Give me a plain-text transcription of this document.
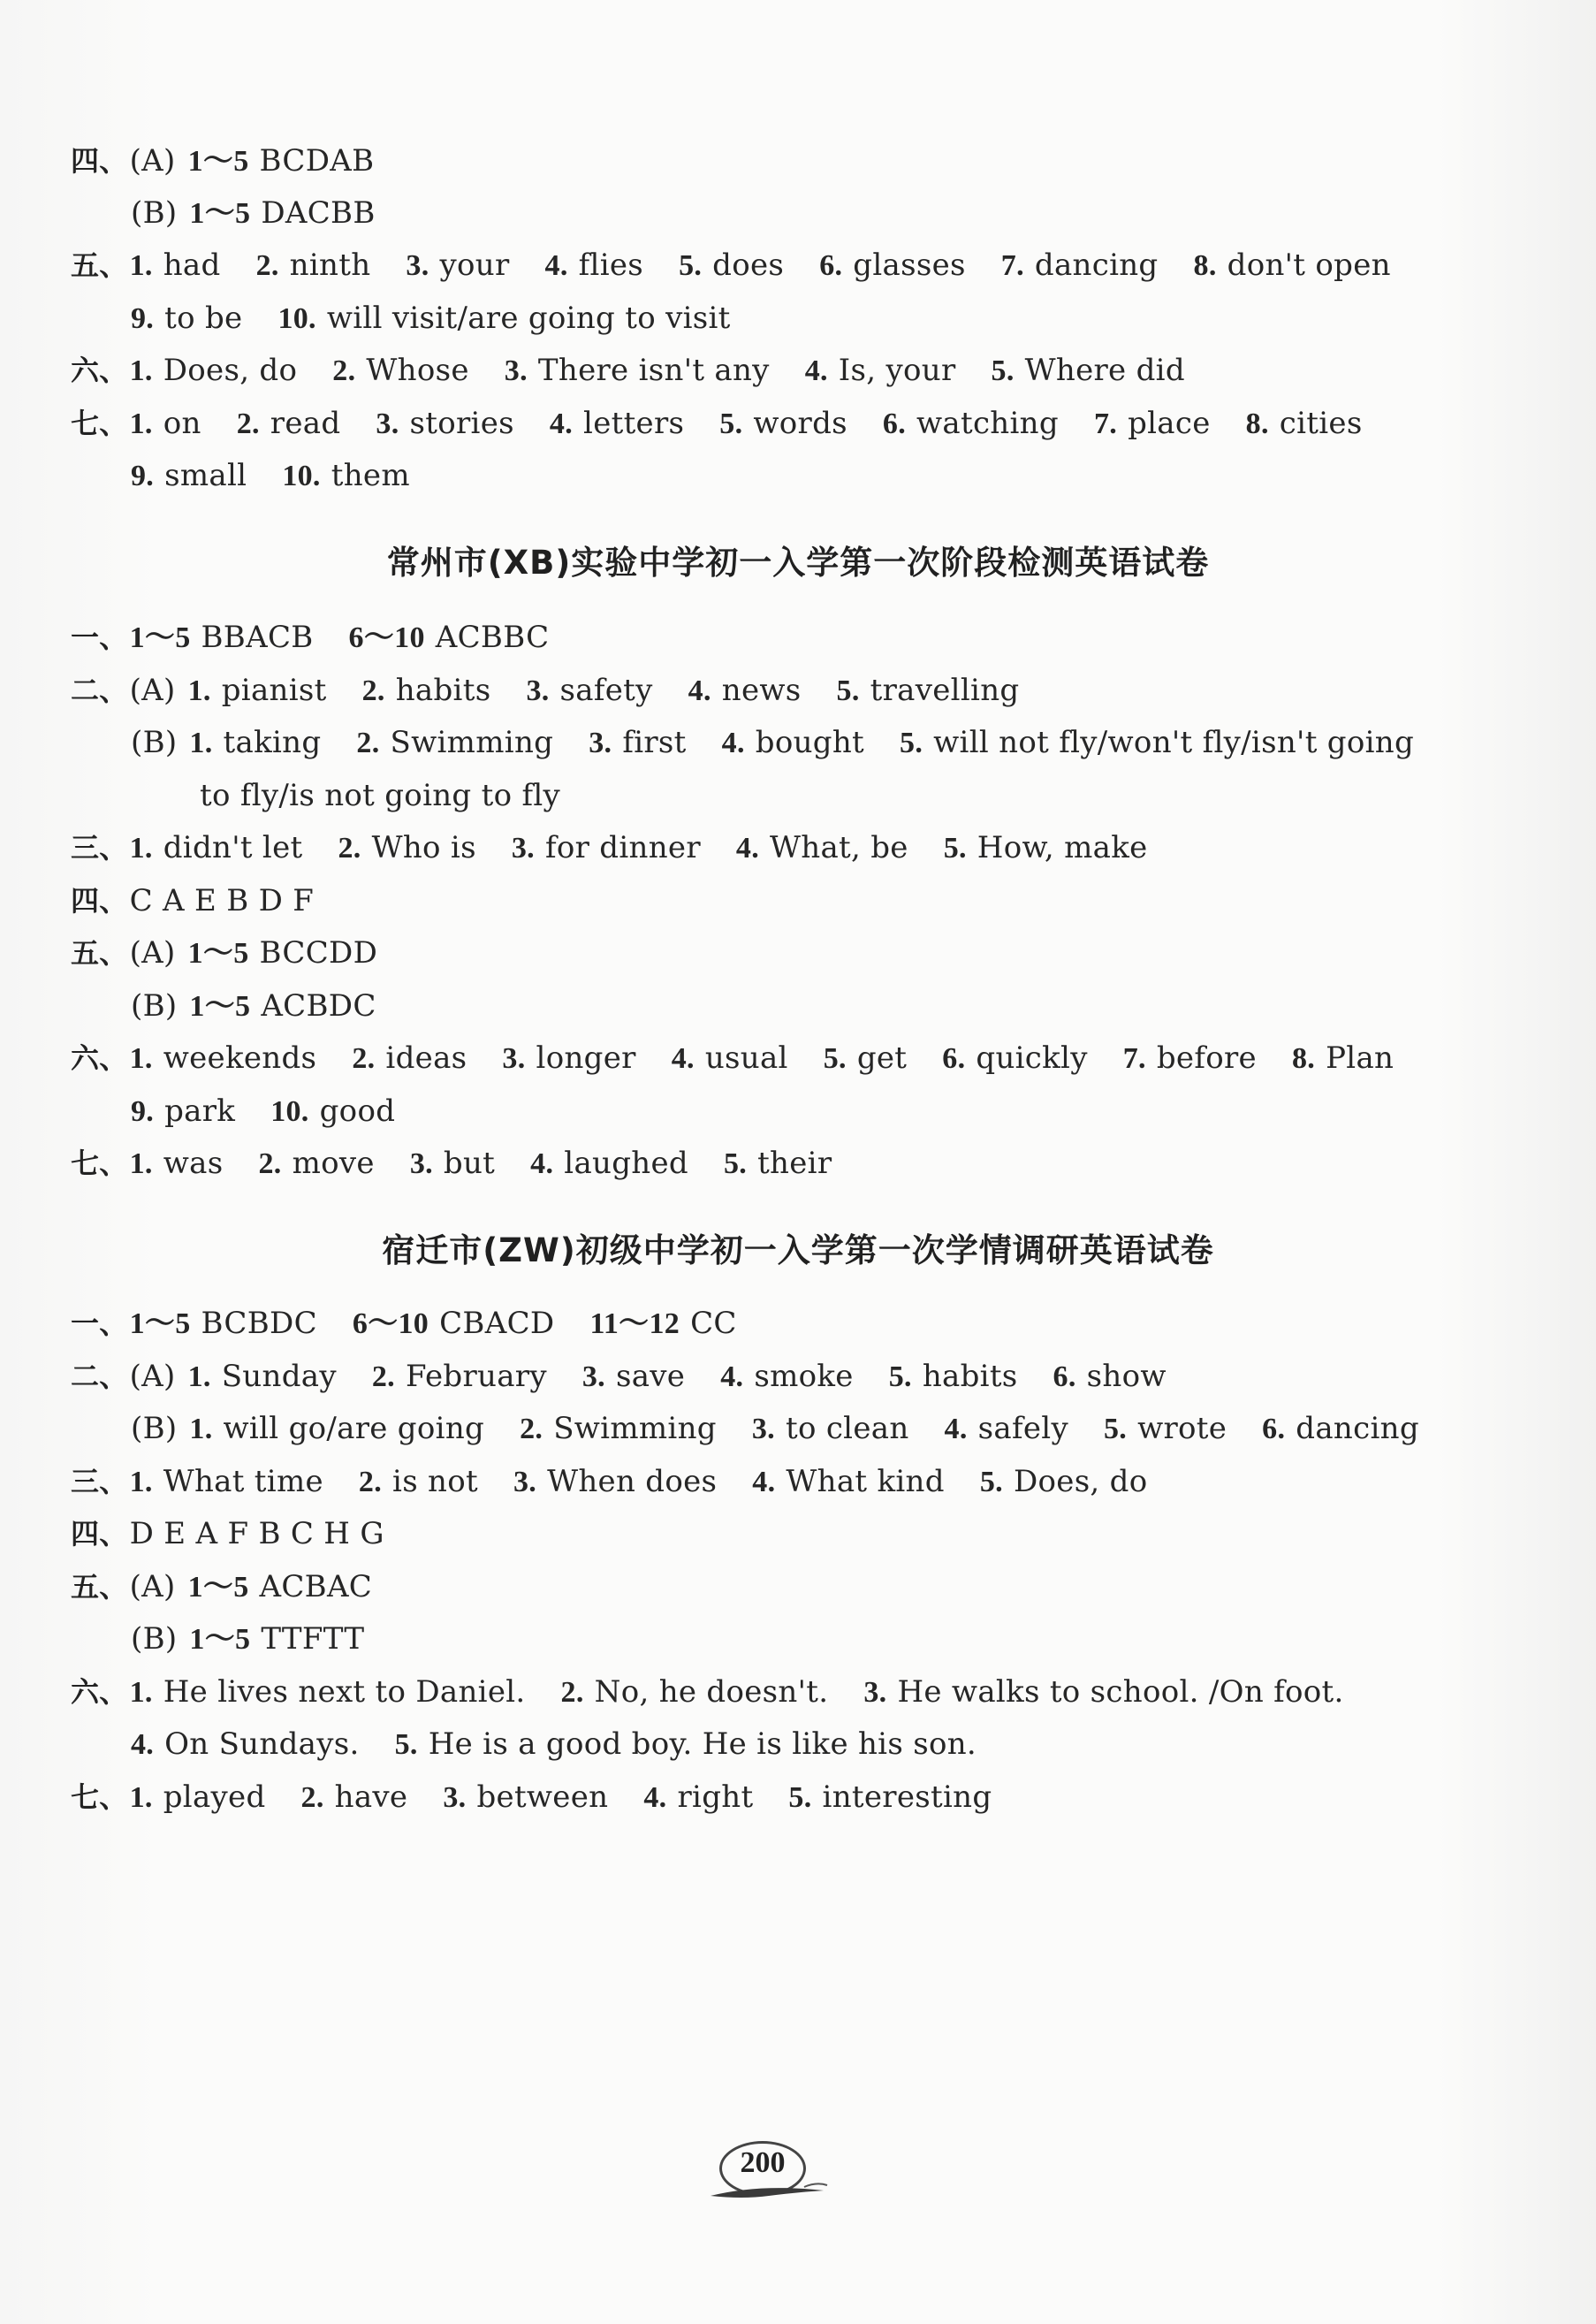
四、(A) 1～5 BCDAB
(B) 1～5 DACBB
五、1. had 2. ninth 3. your 4. flies 5. does 6. glasses 7. dancing 8. don't open
9. to be 10. will visit/are going to visit
六、1. Does, do 2. Whose 3. There isn't any 4. Is, your 5. Where did
七、1. on 2. read 3. stories 4. letters 5. words 6. watching 7. place 8. cities
9. small 10. them
常州市(XB)实验中学初一入学第一次阶段检测英语试卷
一、1～5 BBACB 6～10 ACBBC
二、(A) 1. pianist 2. habits 3. safety 4. news 5. travelling
(B) 1. taking 2. Swimming 3. first 4. bought 5. will not fly/won't fly/isn't going
to fly/is not going to fly
三、1. didn't let 2. Who is 3. for dinner 4. What, be 5. How, make
四、C A E B D F
五、(A) 1～5 BCCDD
(B) 1～5 ACBDC
六、1. weekends 2. ideas 3. longer 4. usual 5. get 6. quickly 7. before 8. Plan
9. park 10. good
七、1. was 2. move 3. but 4. laughed 5. their
宿迁市(ZW)初级中学初一入学第一次学情调研英语试卷
一、1～5 BCBDC 6～10 CBACD 11～12 CC
二、(A) 1. Sunday 2. February 3. save 4. smoke 5. habits 6. show
(B) 1. will go/are going 2. Swimming 3. to clean 4. safely 5. wrote 6. dancing
三、1. What time 2. is not 3. When does 4. What kind 5. Does, do
四、D E A F B C H G
五、(A) 1～5 ACBAC
(B) 1～5 TTFTT
六、1. He lives next to Daniel. 2. No, he doesn't. 3. He walks to school. /On foot.
4. On Sundays. 5. He is a good boy. He is like his son.
七、1. played 2. have 3. between 4. right 5. interesting
200
